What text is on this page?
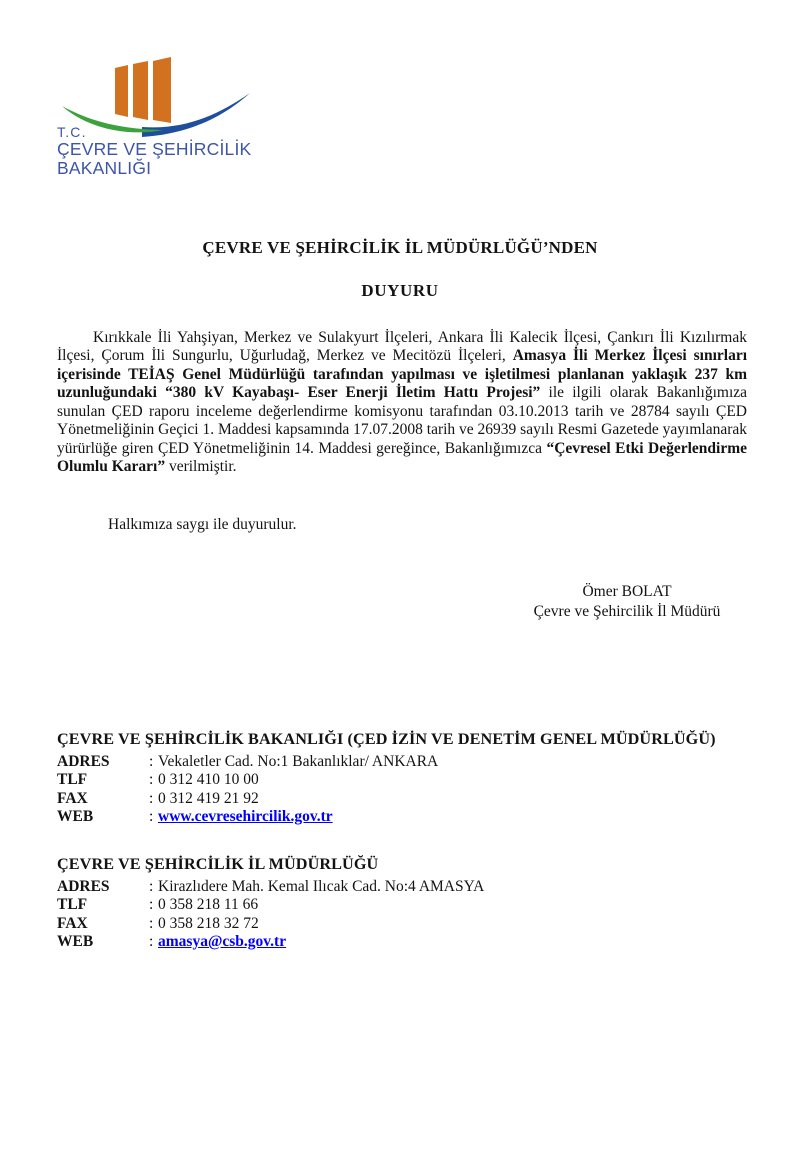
T.C.
ÇEVRE VE ŞEHİRCİLİK
BAKANLIĞI
ÇEVRE VE ŞEHİRCİLİK İL MÜDÜRLÜĞÜ’NDEN
DUYURU

Kırıkkale İli Yahşiyan, Merkez ve Sulakyurt İlçeleri, Ankara İli Kalecik İlçesi, Çankırı İli Kızılırmak İlçesi, Çorum İli Sungurlu, Uğurludağ, Merkez ve Mecitözü İlçeleri, Amasya İli Merkez İlçesi sınırları içerisinde TEİAŞ Genel Müdürlüğü tarafından yapılması ve işletilmesi planlanan yaklaşık 237 km uzunluğundaki “380 kV Kayabaşı- Eser Enerji İletim Hattı Projesi” ile ilgili olarak Bakanlığımıza sunulan ÇED raporu inceleme değerlendirme komisyonu tarafından 03.10.2013 tarih ve 28784 sayılı ÇED Yönetmeliğinin Geçici 1. Maddesi kapsamında 17.07.2008 tarih ve 26939 sayılı Resmi Gazetede yayımlanarak yürürlüğe giren ÇED Yönetmeliğinin 14. Maddesi gereğince, Bakanlığımızca “Çevresel Etki Değerlendirme Olumlu Kararı” verilmiştir.

Halkımıza saygı ile duyurulur.
Ömer BOLAT
Çevre ve Şehircilik İl Müdürü
ÇEVRE VE ŞEHİRCİLİK BAKANLIĞI (ÇED İZİN VE DENETİM GENEL MÜDÜRLÜĞÜ)
ADRES	: Vekaletler Cad. No:1 Bakanlıklar/ ANKARA
TLF	: 0 312 410 10 00
FAX	: 0 312 419 21 92
WEB	: www.cevresehircilik.gov.tr
ÇEVRE VE ŞEHİRCİLİK İL MÜDÜRLÜĞÜ
ADRES	: Kirazlıdere Mah. Kemal Ilıcak Cad. No:4 AMASYA
TLF	: 0 358 218 11 66
FAX	: 0 358 218 32 72
WEB	: amasya@csb.gov.tr
